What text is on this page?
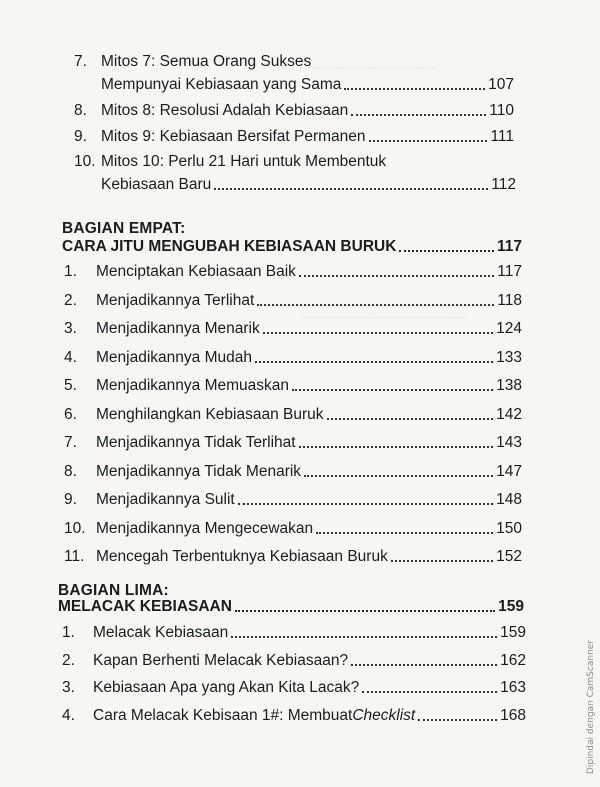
~~~~~~~~~~~~~~~~~~
~~~~~~~~~~~~~~~~~~~~~~
7. Mitos 7: Semua Orang Sukses
Mempunyai Kebiasaan yang Sama	107
8. Mitos 8: Resolusi Adalah Kebiasaan	110
9. Mitos 9: Kebiasaan Bersifat Permanen	111
10. Mitos 10: Perlu 21 Hari untuk Membentuk
Kebiasaan Baru	112
BAGIAN EMPAT:
CARA JITU MENGUBAH KEBIASAAN BURUK	117
1.	Menciptakan Kebiasaan Baik	117
2.	Menjadikannya Terlihat	118
3.	Menjadikannya Menarik	124
4.	Menjadikannya Mudah	133
5.	Menjadikannya Memuaskan	138
6.	Menghilangkan Kebiasaan Buruk	142
7.	Menjadikannya Tidak Terlihat	143
8.	Menjadikannya Tidak Menarik	147
9.	Menjadikannya Sulit	148
10. Menjadikannya Mengecewakan	150
11. Mencegah Terbentuknya Kebiasaan Buruk	152
BAGIAN LIMA:
MELACAK KEBIASAAN	159
1.	Melacak Kebiasaan	159
2.	Kapan Berhenti Melacak Kebiasaan?	162
3.	Kebiasaan Apa yang Akan Kita Lacak?	163
4.	Cara Melacak Kebisaan 1#: Membuat Checklist	168	Dipindai dengan CamScanner
